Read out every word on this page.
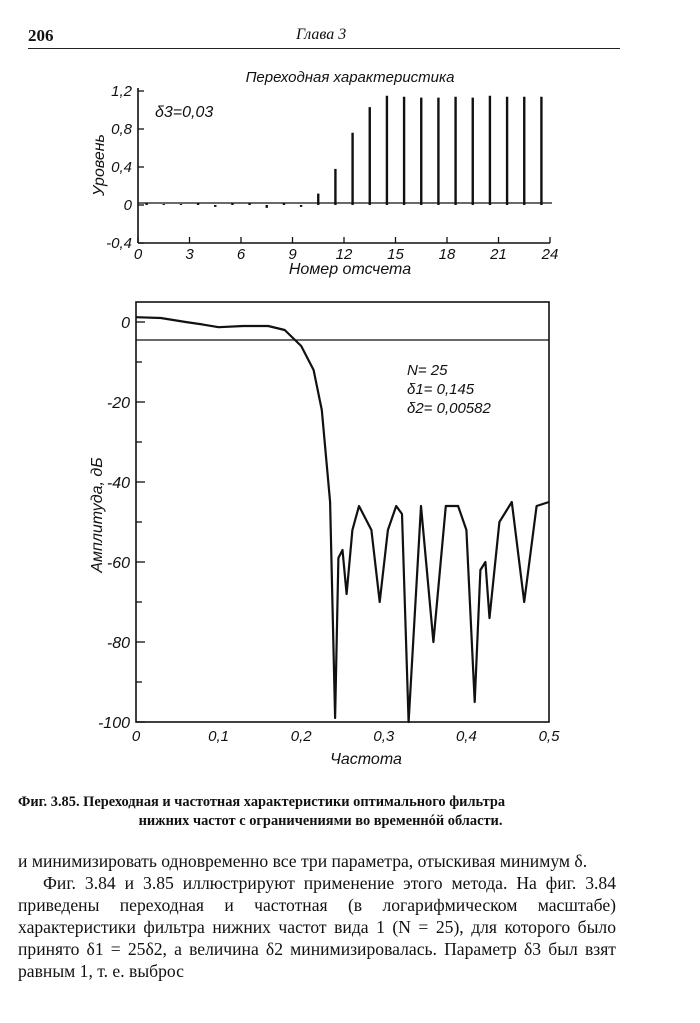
206	Глава 3
Переходная характеристика
1,2
0,8
0,4
0
-0,4
0	3	6	9	12 15 18 21 24
δ3=0,03
Номер отсчета
Уровень
0
-20
-40
-60
-80
-100
0	0,1	0,2	0,3	0,4	0,5
N= 25
δ1= 0,145
δ2= 0,00582
Частота
Амплитуда, дБ
Фиг. 3.85. Переходная и частотная характеристики оптимального фильтра
нижних частот с ограничениями во временнóй области.

и минимизировать одновременно все три параметра, отыскивая минимум δ.

Фиг. 3.84 и 3.85 иллюстрируют применение этого метода. На фиг. 3.84 приведены переходная и частотная (в логарифмическом масштабе) характеристики фильтра нижних частот вида 1 (N = 25), для которого было принято δ1 = 25δ2, а величина δ2 минимизировалась. Параметр δ3 был взят равным 1, т. е. выброс
